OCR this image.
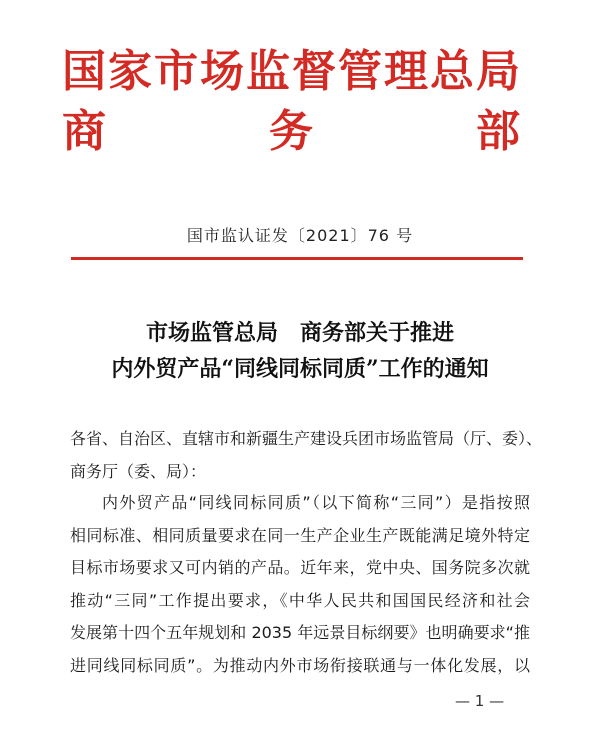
国家市场监督管理总局
商	务	部
国市监认证发〔2021〕76 号
市场监管总局　商务部关于推进
内外贸产品“同线同标同质”工作的通知
各省、自治区、直辖市和新疆生产建设兵团市场监管局（厅、委）、
商务厅（委、局）：
内外贸产品“同线同标同质”（以下简称“三同”）是指按照
相同标准、相同质量要求在同一生产企业生产既能满足境外特定
目标市场要求又可内销的产品。近年来，党中央、国务院多次就
推动“三同”工作提出要求，《中华人民共和国国民经济和社会
发展第十四个五年规划和 2035 年远景目标纲要》也明确要求“推
进同线同标同质”。为推动内外市场衔接联通与一体化发展，以
— 1 —
